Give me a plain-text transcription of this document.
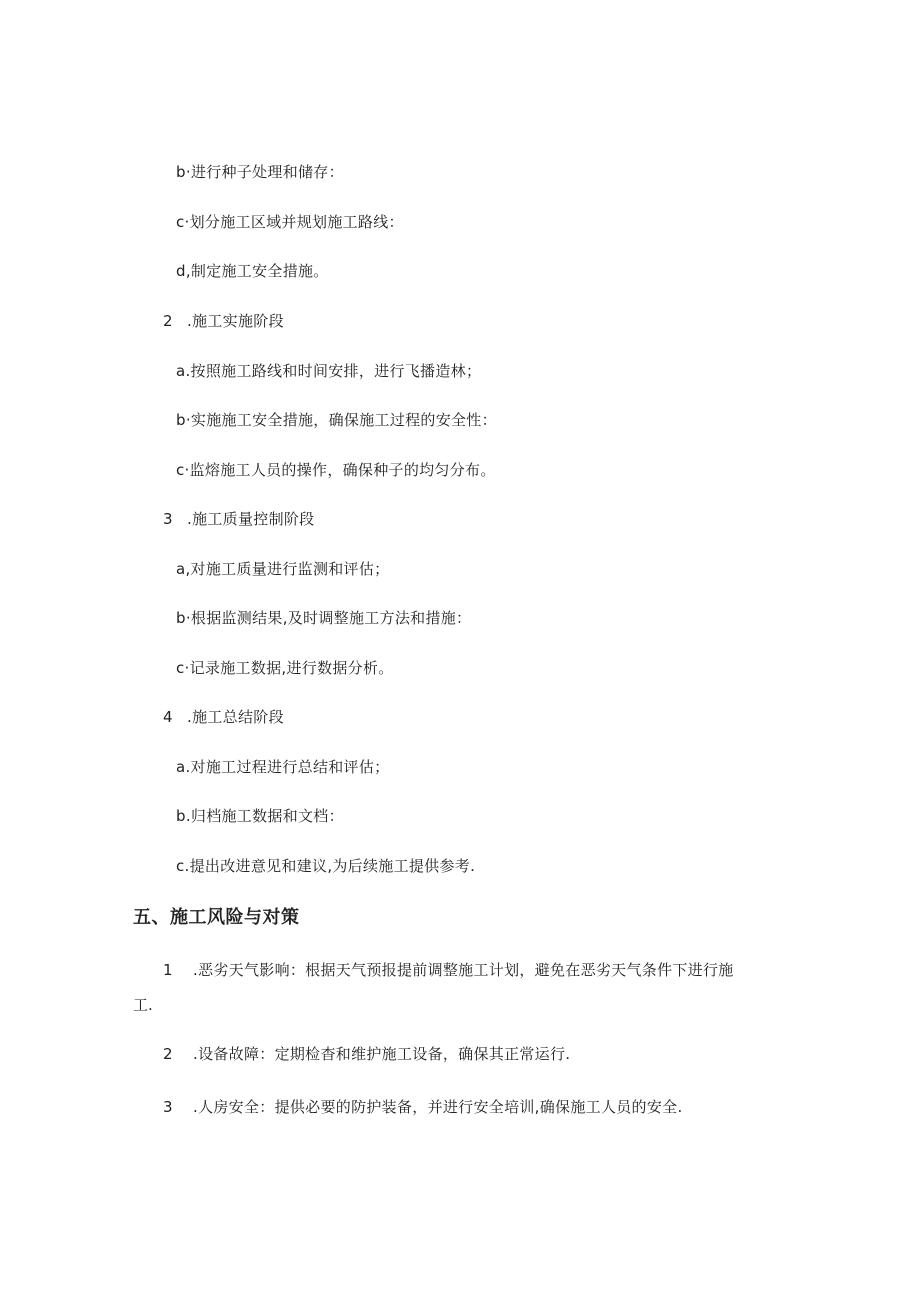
b·进行种子处理和储存：
c·划分施工区域并规划施工路线：
d,制定施工安全措施。
2 .施工实施阶段
a.按照施工路线和时间安排，进行飞播造林；
b·实施施工安全措施，确保施工过程的安全性：
c·监熔施工人员的操作，确保种子的均匀分布。
3 .施工质量控制阶段
a,对施工质量进行监测和评估；
b·根据监测结果,及时调整施工方法和措施：
c·记录施工数据,进行数据分析。
4 .施工总结阶段
a.对施工过程进行总结和评估；
b.归档施工数据和文档：
c.提出改进意见和建议,为后续施工提供参考.
五、施工风险与对策
1 .恶劣天气影响：根据天气预报提前调整施工计划，避免在恶劣天气条件下进行施
工.
2 .设备故障：定期检杳和维护施工设备，确保其正常运行.
3 .人房安全：提供必要的防护装备，并进行安全培训,确保施工人员的安全.
